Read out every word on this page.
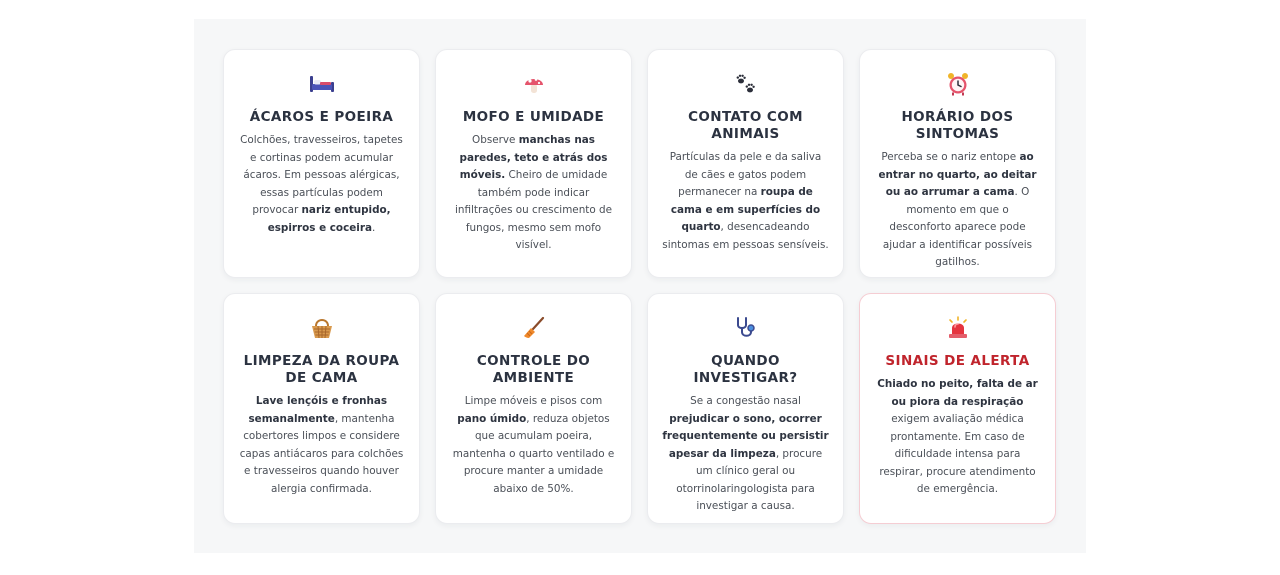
ÁCAROS E POEIRA

Colchões, travesseiros, tapetes e cortinas podem acumular ácaros. Em pessoas alérgicas, essas partículas podem provocar nariz entupido, espirros e coceira.

MOFO E UMIDADE

Observe manchas nas paredes, teto e atrás dos móveis. Cheiro de umidade também pode indicar infiltrações ou crescimento de fungos, mesmo sem mofo visível.

CONTATO COM ANIMAIS

Partículas da pele e da saliva de cães e gatos podem permanecer na roupa de cama e em superfícies do quarto, desencadeando sintomas em pessoas sensíveis.

HORÁRIO DOS SINTOMAS

Perceba se o nariz entope ao entrar no quarto, ao deitar ou ao arrumar a cama. O momento em que o desconforto aparece pode ajudar a identificar possíveis gatilhos.

LIMPEZA DA ROUPA DE CAMA

Lave lençóis e fronhas semanalmente, mantenha cobertores limpos e considere capas antiácaros para colchões e travesseiros quando houver alergia confirmada.

CONTROLE DO AMBIENTE

Limpe móveis e pisos com pano úmido, reduza objetos que acumulam poeira, mantenha o quarto ventilado e procure manter a umidade abaixo de 50%.

QUANDO INVESTIGAR?

Se a congestão nasal prejudicar o sono, ocorrer frequentemente ou persistir apesar da limpeza, procure um clínico geral ou otorrinolaringologista para investigar a causa.

SINAIS DE ALERTA

Chiado no peito, falta de ar ou piora da respiração exigem avaliação médica prontamente. Em caso de dificuldade intensa para respirar, procure atendimento de emergência.
